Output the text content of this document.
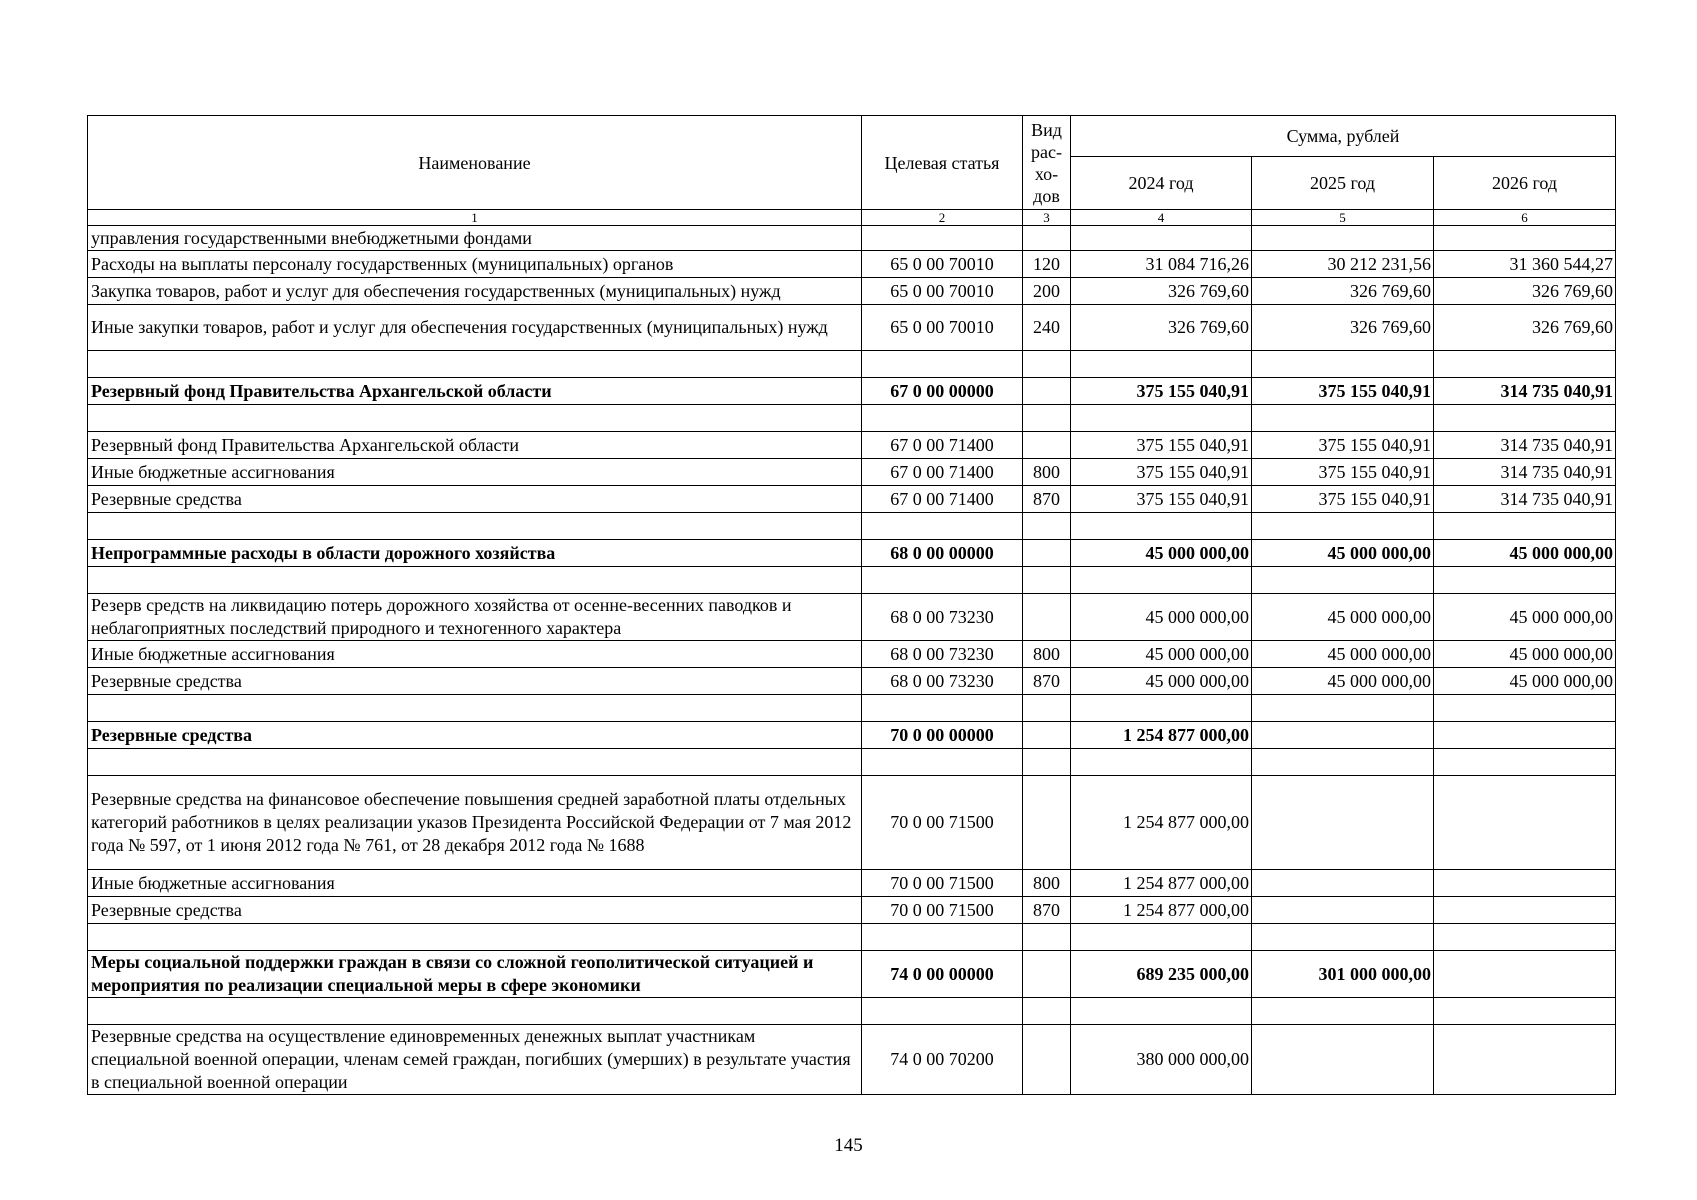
Наименование	Целевая статья	Вид рас-хо-дов	Сумма, рублей		
			2024 год	2025 год	2026 год
1	2	3	4	5	6
управления государственными внебюджетными фондами					
Расходы на выплаты персоналу государственных (муниципальных) органов	65 0 00 70010	120	31 084 716,26	30 212 231,56	31 360 544,27
Закупка товаров, работ и услуг для обеспечения государственных (муниципальных) нужд	65 0 00 70010	200	326 769,60	326 769,60	326 769,60
Иные закупки товаров, работ и услуг для обеспечения государственных (муниципальных) нужд	65 0 00 70010	240	326 769,60	326 769,60	326 769,60

Резервный фонд Правительства Архангельской области	67 0 00 00000		375 155 040,91	375 155 040,91	314 735 040,91

Резервный фонд Правительства Архангельской области	67 0 00 71400		375 155 040,91	375 155 040,91	314 735 040,91
Иные бюджетные ассигнования	67 0 00 71400	800	375 155 040,91	375 155 040,91	314 735 040,91
Резервные средства	67 0 00 71400	870	375 155 040,91	375 155 040,91	314 735 040,91

Непрограммные расходы в области дорожного хозяйства	68 0 00 00000		45 000 000,00	45 000 000,00	45 000 000,00

Резерв средств на ликвидацию потерь дорожного хозяйства от осенне-весенних паводков и неблагоприятных последствий природного и техногенного характера	68 0 00 73230		45 000 000,00	45 000 000,00	45 000 000,00
Иные бюджетные ассигнования	68 0 00 73230	800	45 000 000,00	45 000 000,00	45 000 000,00
Резервные средства	68 0 00 73230	870	45 000 000,00	45 000 000,00	45 000 000,00

Резервные средства	70 0 00 00000		1 254 877 000,00		

Резервные средства на финансовое обеспечение повышения средней заработной платы отдельных категорий работников в целях реализации указов Президента Российской Федерации от 7 мая 2012 года № 597, от 1 июня 2012 года № 761, от 28 декабря 2012 года № 1688	70 0 00 71500		1 254 877 000,00		
Иные бюджетные ассигнования	70 0 00 71500	800	1 254 877 000,00		
Резервные средства	70 0 00 71500	870	1 254 877 000,00		

Меры социальной поддержки граждан в связи со сложной геополитической ситуацией и мероприятия по реализации специальной меры в сфере экономики	74 0 00 00000		689 235 000,00	301 000 000,00	

Резервные средства на осуществление единовременных денежных выплат участникам специальной военной операции, членам семей граждан, погибших (умерших) в результате участия в специальной военной операции	74 0 00 70200		380 000 000,00		
145
